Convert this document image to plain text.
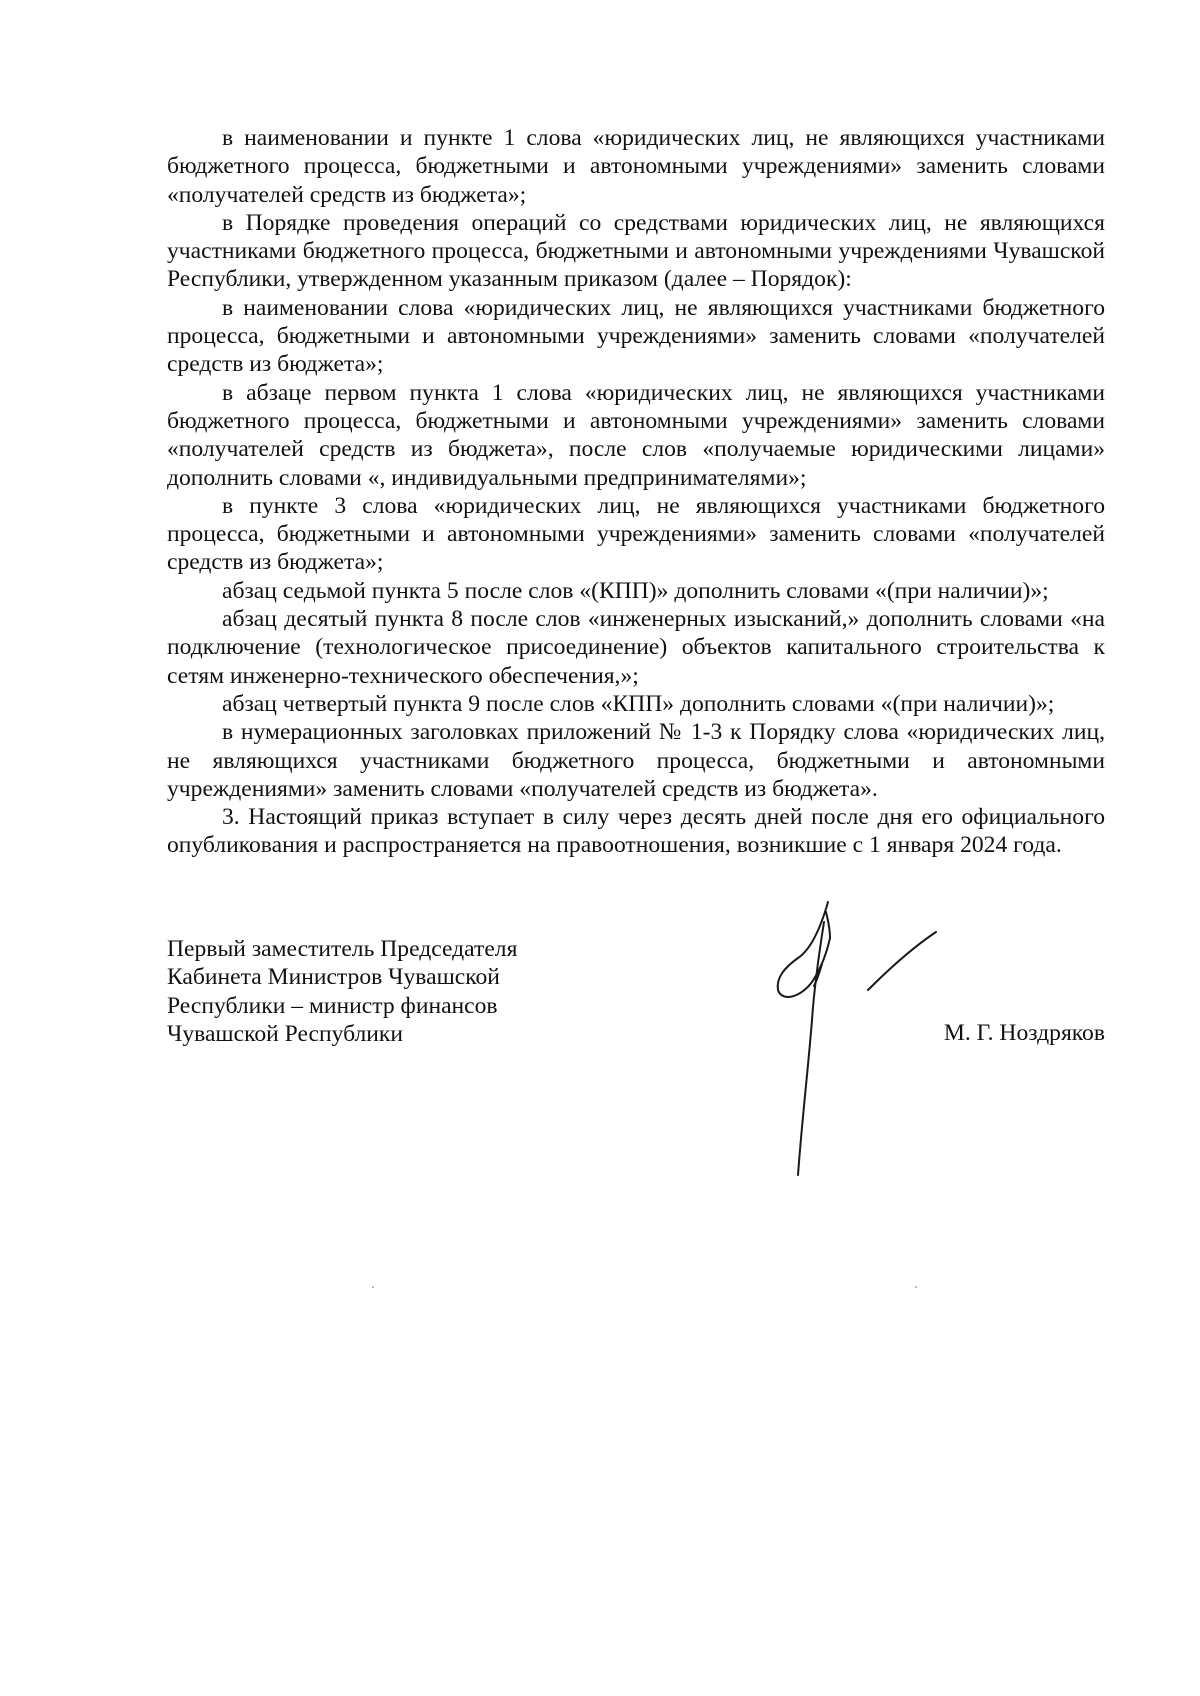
в наименовании и пункте 1 слова «юридических лиц, не являющихся участниками бюджетного процесса, бюджетными и автономными учреждениями» заменить словами «получателей средств из бюджета»;

в Порядке проведения операций со средствами юридических лиц, не являющихся участниками бюджетного процесса, бюджетными и автономными учреждениями Чувашской Республики, утвержденном указанным приказом (далее – Порядок):

в наименовании слова «юридических лиц, не являющихся участниками бюджетного процесса, бюджетными и автономными учреждениями» заменить словами «получателей средств из бюджета»;

в абзаце первом пункта 1 слова «юридических лиц, не являющихся участниками бюджетного процесса, бюджетными и автономными учреждениями» заменить словами «получателей средств из бюджета», после слов «получаемые юридическими лицами» дополнить словами «, индивидуальными предпринимателями»;

в пункте 3 слова «юридических лиц, не являющихся участниками бюджетного процесса, бюджетными и автономными учреждениями» заменить словами «получателей средств из бюджета»;

абзац седьмой пункта 5 после слов «(КПП)» дополнить словами «(при наличии)»;

абзац десятый пункта 8 после слов «инженерных изысканий,» дополнить словами «на подключение (технологическое присоединение) объектов капитального строительства к сетям инженерно-технического обеспечения,»;

абзац четвертый пункта 9 после слов «КПП» дополнить словами «(при наличии)»;

в нумерационных заголовках приложений № 1-3 к Порядку слова «юридических лиц, не являющихся участниками бюджетного процесса, бюджетными и автономными учреждениями» заменить словами «получателей средств из бюджета».

3. Настоящий приказ вступает в силу через десять дней после дня его официального опубликования и распространяется на правоотношения, возникшие с 1 января 2024 года.

Первый заместитель Председателя
Кабинета Министров Чувашской
Республики – министр финансов
Чувашской Республики	М. Г. Ноздряков
